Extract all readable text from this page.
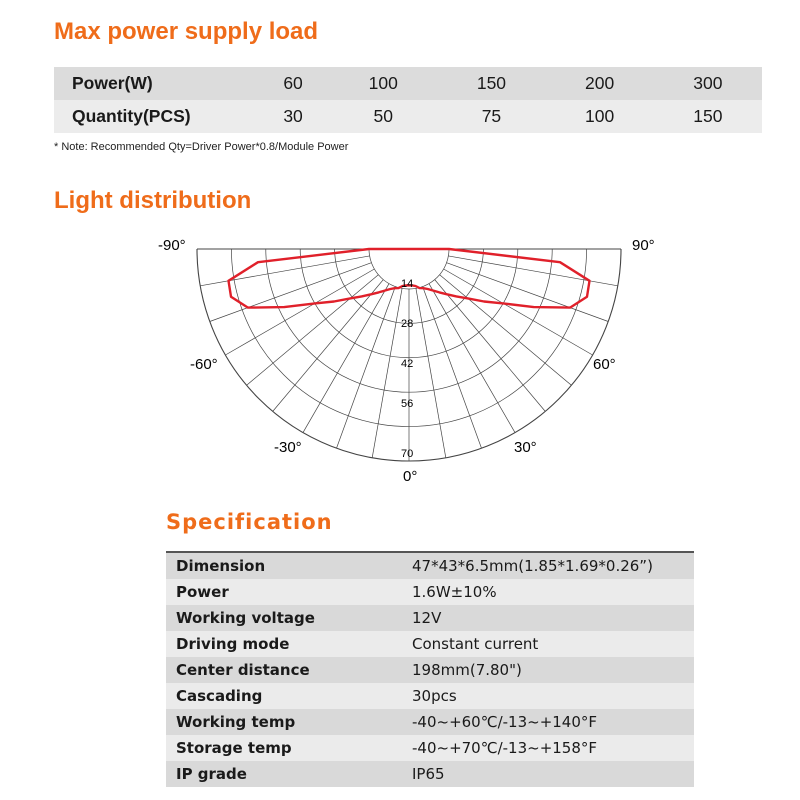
Max power supply load
Power(W)	60	100	150	200	300
Quantity(PCS)	30	50	75	100	150
* Note: Recommended Qty=Driver Power*0.8/Module Power
Light distribution
-90°	90°
-60°	60°
-30°	30°
0°
14
28
42
56
70
Specification
Dimension	47*43*6.5mm(1.85*1.69*0.26”)
Power	1.6W±10%
Working voltage	12V
Driving mode	Constant current
Center distance	198mm(7.80")
Cascading	30pcs
Working temp	-40~+60℃/-13~+140°F
Storage temp	-40~+70℃/-13~+158°F
IP grade	IP65
